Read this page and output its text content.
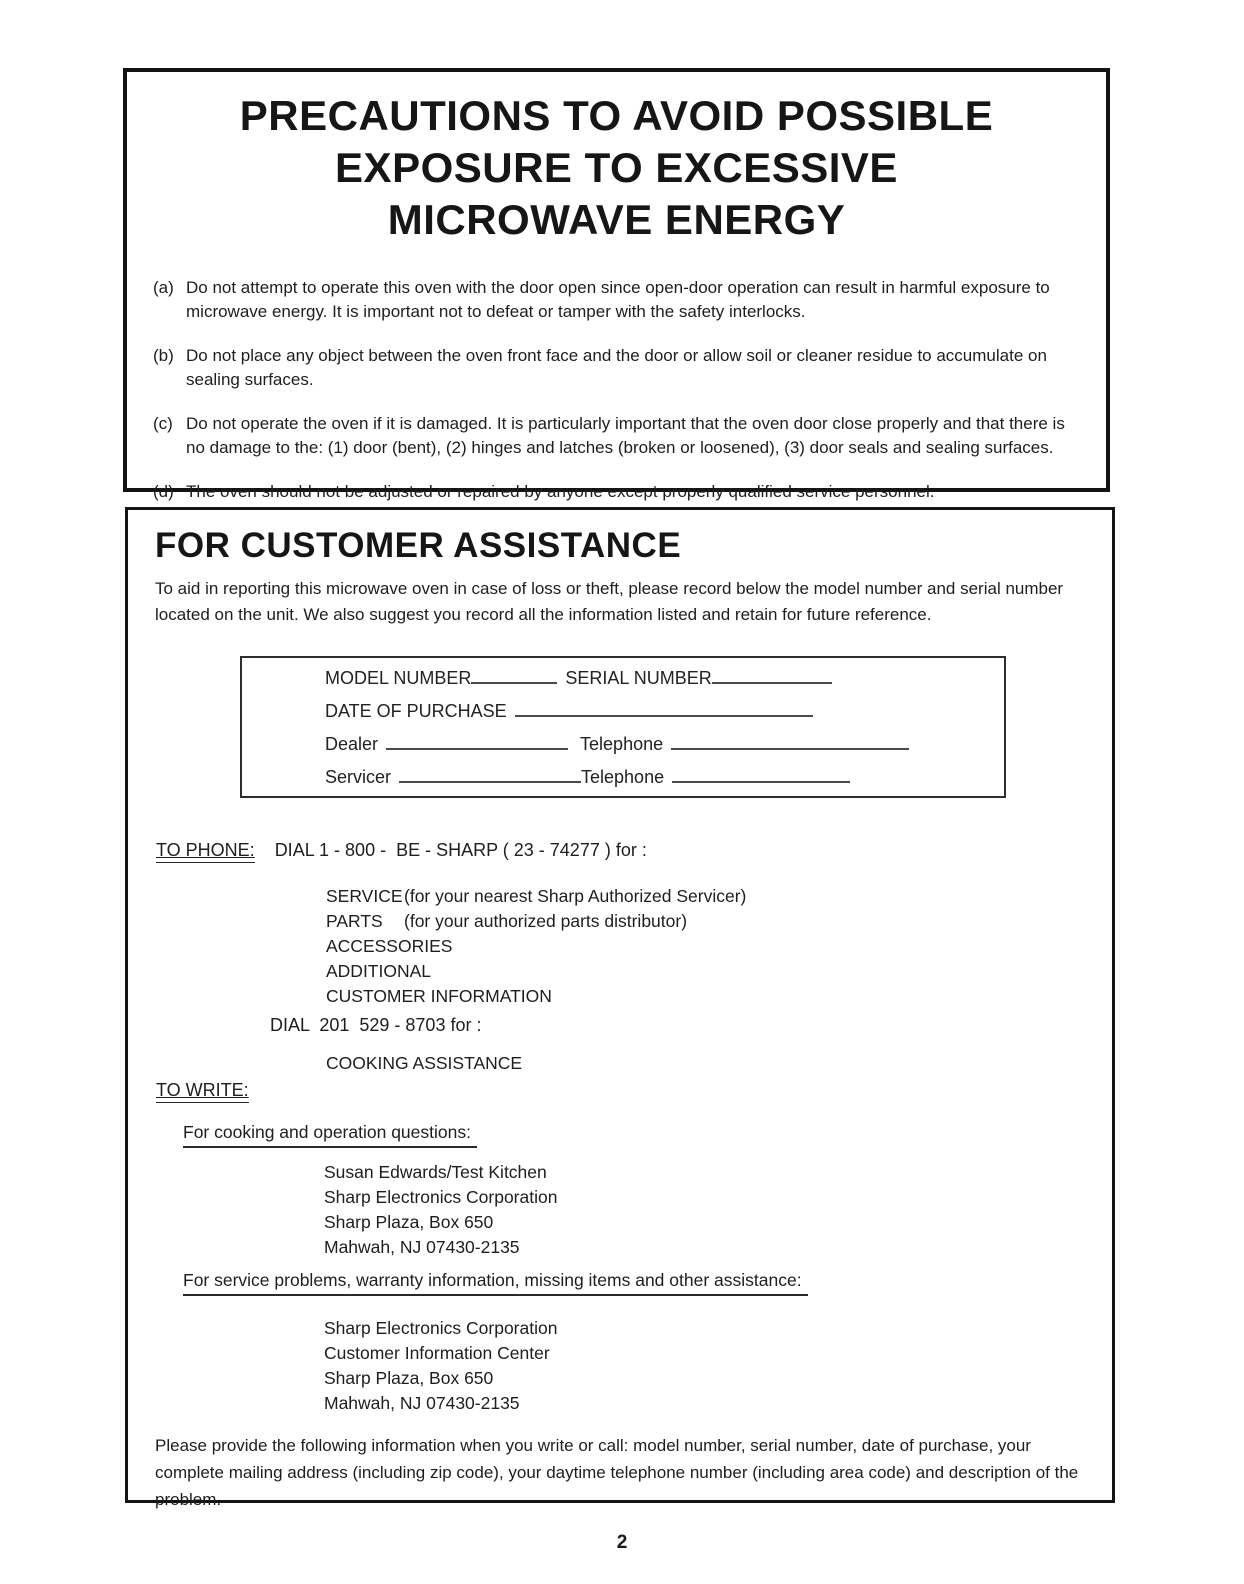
PRECAUTIONS TO AVOID POSSIBLE
EXPOSURE TO EXCESSIVE
MICROWAVE ENERGY
(a) Do not attempt to operate this oven with the door open since open-door operation can result in harmful exposure to microwave energy. It is important not to defeat or tamper with the safety interlocks.
(b) Do not place any object between the oven front face and the door or allow soil or cleaner residue to accumulate on sealing surfaces.
(c) Do not operate the oven if it is damaged. It is particularly important that the oven door close properly and that there is no damage to the: (1) door (bent), (2) hinges and latches (broken or loosened), (3) door seals and sealing surfaces.
(d) The oven should not be adjusted or repaired by anyone except properly qualified service personnel.
FOR CUSTOMER ASSISTANCE
To aid in reporting this microwave oven in case of loss or theft, please record below the model number and serial number located on the unit. We also suggest you record all the information listed and retain for future reference.
MODEL NUMBER	SERIAL NUMBER
DATE OF PURCHASE
Dealer	Telephone
Servicer	Telephone
TO PHONE: DIAL 1 - 800 -  BE - SHARP ( 23 - 74277 ) for :
SERVICE(for your nearest Sharp Authorized Servicer)
PARTS (for your authorized parts distributor)
ACCESSORIES
ADDITIONAL
CUSTOMER INFORMATION
DIAL  201  529 - 8703 for :
COOKING ASSISTANCE
TO WRITE:
For cooking and operation questions:
Susan Edwards/Test Kitchen
Sharp Electronics Corporation
Sharp Plaza, Box 650
Mahwah, NJ 07430-2135
For service problems, warranty information, missing items and other assistance:
Sharp Electronics Corporation
Customer Information Center
Sharp Plaza, Box 650
Mahwah, NJ 07430-2135
Please provide the following information when you write or call: model number, serial number, date of purchase, your complete mailing address (including zip code), your daytime telephone number (including area code) and description of the problem.
2
